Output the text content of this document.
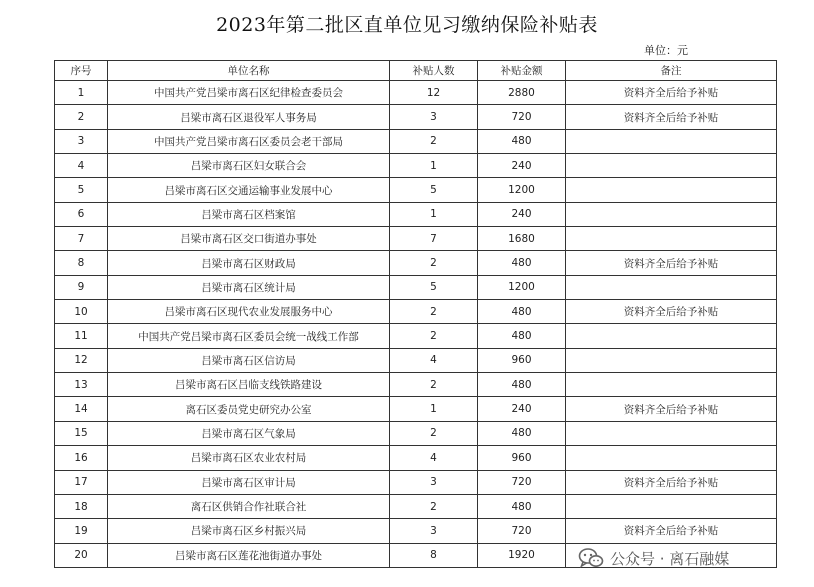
2023年第二批区直单位见习缴纳保险补贴表
单位：元
序号	单位名称	补贴人数	补贴金额	备注
1	中国共产党吕梁市离石区纪律检查委员会	12	2880	资料齐全后给予补贴
2	吕梁市离石区退役军人事务局	3	720	资料齐全后给予补贴
3	中国共产党吕梁市离石区委员会老干部局	2	480	
4	吕梁市离石区妇女联合会	1	240	
5	吕梁市离石区交通运输事业发展中心	5	1200	
6	吕梁市离石区档案馆	1	240	
7	吕梁市离石区交口街道办事处	7	1680	
8	吕梁市离石区财政局	2	480	资料齐全后给予补贴
9	吕梁市离石区统计局	5	1200	
10	吕梁市离石区现代农业发展服务中心	2	480	资料齐全后给予补贴
11	中国共产党吕梁市离石区委员会统一战线工作部	2	480	
12	吕梁市离石区信访局	4	960	
13	吕梁市离石区吕临支线铁路建设	2	480	
14	离石区委员党史研究办公室	1	240	资料齐全后给予补贴
15	吕梁市离石区气象局	2	480	
16	吕梁市离石区农业农村局	4	960	
17	吕梁市离石区审计局	3	720	资料齐全后给予补贴
18	离石区供销合作社联合社	2	480	
19	吕梁市离石区乡村振兴局	3	720	资料齐全后给予补贴
20	吕梁市离石区莲花池街道办事处	8	1920		公众号 · 离石融媒
